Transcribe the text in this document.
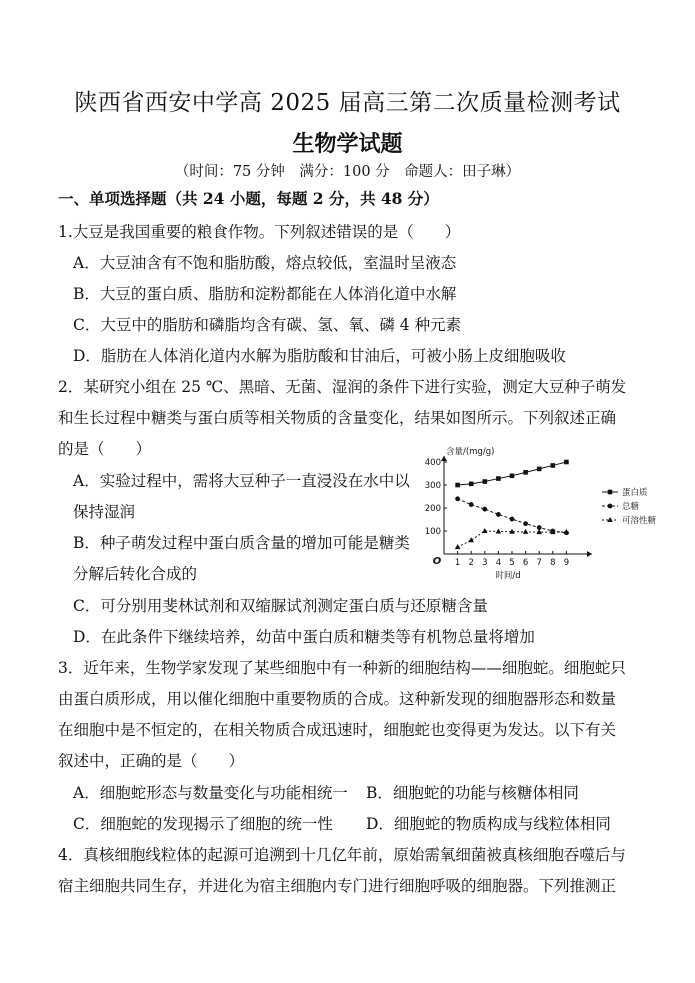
陕西省西安中学高 2025 届高三第二次质量检测考试
生物学试题
（时间：75 分钟　满分：100 分　命题人：田子琳）
一、单项选择题（共 24 小题，每题 2 分，共 48 分）
1.大豆是我国重要的粮食作物。下列叙述错误的是（　　）
A．大豆油含有不饱和脂肪酸，熔点较低，室温时呈液态
B．大豆的蛋白质、脂肪和淀粉都能在人体消化道中水解
C．大豆中的脂肪和磷脂均含有碳、氢、氧、磷 4 种元素
D．脂肪在人体消化道内水解为脂肪酸和甘油后，可被小肠上皮细胞吸收
2．某研究小组在 25 ℃、黑暗、无菌、湿润的条件下进行实验，测定大豆种子萌发
和生长过程中糖类与蛋白质等相关物质的含量变化，结果如图所示。下列叙述正确
的是（　　）
A．实验过程中，需将大豆种子一直浸没在水中以
保持湿润
B．种子萌发过程中蛋白质含量的增加可能是糖类
分解后转化合成的
C．可分别用斐林试剂和双缩脲试剂测定蛋白质与还原糖含量
D．在此条件下继续培养，幼苗中蛋白质和糖类等有机物总量将增加
含量/(mg/g)
时间/d
O
100
200
300
400
1 2 3 4 5 6 7 8 9
蛋白质
总糖
可溶性糖
3．近年来，生物学家发现了某些细胞中有一种新的细胞结构——细胞蛇。细胞蛇只
由蛋白质形成，用以催化细胞中重要物质的合成。这种新发现的细胞器形态和数量
在细胞中是不恒定的，在相关物质合成迅速时，细胞蛇也变得更为发达。以下有关
叙述中，正确的是（　　）
A．细胞蛇形态与数量变化与功能相统一 B．细胞蛇的功能与核糖体相同
C．细胞蛇的发现揭示了细胞的统一性 D．细胞蛇的物质构成与线粒体相同
4．真核细胞线粒体的起源可追溯到十几亿年前，原始需氧细菌被真核细胞吞噬后与
宿主细胞共同生存，并进化为宿主细胞内专门进行细胞呼吸的细胞器。下列推测正
